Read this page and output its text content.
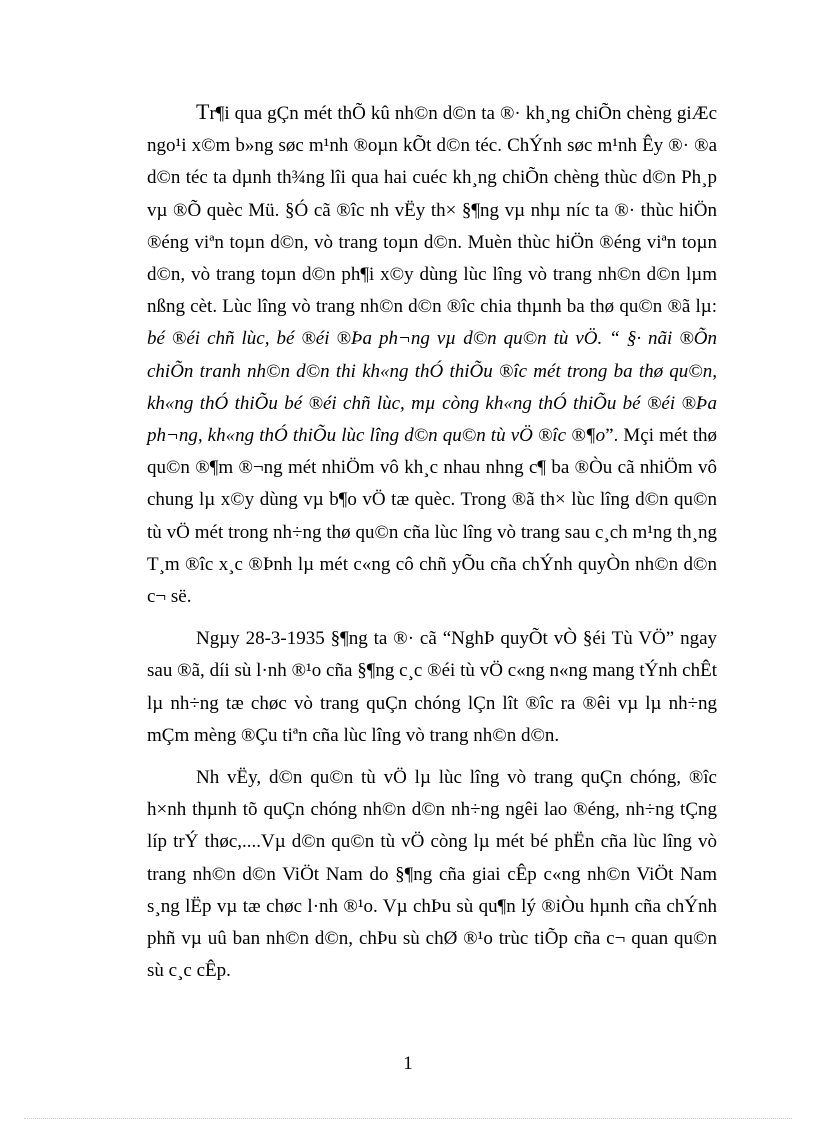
Tr¶i qua gÇn mét thÕ kû nh©n d©n ta ®· kh¸ng chiÕn chèng giÆc ngo¹i x©m b»ng søc m¹nh ®oµn kÕt d©n téc. ChÝnh søc m¹nh Êy ®· ®a d©n téc ta dµnh th¾ng lîi qua hai cuéc kh¸ng chiÕn chèng thùc d©n Ph¸p vµ ®Õ quèc Mü. §Ó cã ®îc nh vËy th× §¶ng vµ nhµ níc ta ®· thùc hiÖn ®éng viªn toµn d©n, vò trang toµn d©n. Muèn thùc hiÖn ®éng viªn toµn d©n, vò trang toµn d©n ph¶i x©y dùng lùc lîng vò trang nh©n d©n lµm nßng cèt. Lùc lîng vò trang nh©n d©n ®îc chia thµnh ba thø qu©n ®ã lµ: bé ®éi chñ lùc, bé ®éi ®Þa ph¬ng vµ d©n qu©n tù vÖ. “ §· nãi ®Õn chiÕn tranh nh©n d©n thi kh«ng thÓ thiÕu ®îc mét trong ba thø qu©n, kh«ng thÓ thiÕu bé ®éi chñ lùc, mµ còng kh«ng thÓ thiÕu bé ®éi ®Þa ph¬ng, kh«ng thÓ thiÕu lùc lîng d©n qu©n tù vÖ ®îc ®¶o”. Mçi mét thø qu©n ®¶m ®¬ng mét nhiÖm vô kh¸c nhau nhng c¶ ba ®Òu cã nhiÖm vô chung lµ x©y dùng vµ b¶o vÖ tæ quèc. Trong ®ã th× lùc lîng d©n qu©n tù vÖ mét trong nh÷ng thø qu©n cña lùc lîng vò trang sau c¸ch m¹ng th¸ng T¸m ®îc x¸c ®Þnh lµ mét c«ng cô chñ yÕu cña chÝnh quyÒn nh©n d©n c¬ së.

Ngµy 28-3-1935 §¶ng ta ®· cã “NghÞ quyÕt vÒ §éi Tù VÖ” ngay sau ®ã, díi sù l·nh ®¹o cña §¶ng c¸c ®éi tù vÖ c«ng n«ng mang tÝnh chÊt lµ nh÷ng tæ chøc vò trang quÇn chóng lÇn lît ®îc ra ®êi vµ lµ nh÷ng mÇm mèng ®Çu tiªn cña lùc lîng vò trang nh©n d©n.

Nh vËy, d©n qu©n tù vÖ lµ lùc lîng vò trang quÇn chóng, ®îc h×nh thµnh tõ quÇn chóng nh©n d©n nh÷ng ngêi lao ®éng, nh÷ng tÇng líp trÝ thøc,....Vµ d©n qu©n tù vÖ còng lµ mét bé phËn cña lùc lîng vò trang nh©n d©n ViÖt Nam do §¶ng cña giai cÊp c«ng nh©n ViÖt Nam s¸ng lËp vµ tæ chøc l·nh ®¹o. Vµ chÞu sù qu¶n lý ®iÒu hµnh cña chÝnh phñ vµ uû ban nh©n d©n, chÞu sù chØ ®¹o trùc tiÕp cña c¬ quan qu©n sù c¸c cÊp.

1
